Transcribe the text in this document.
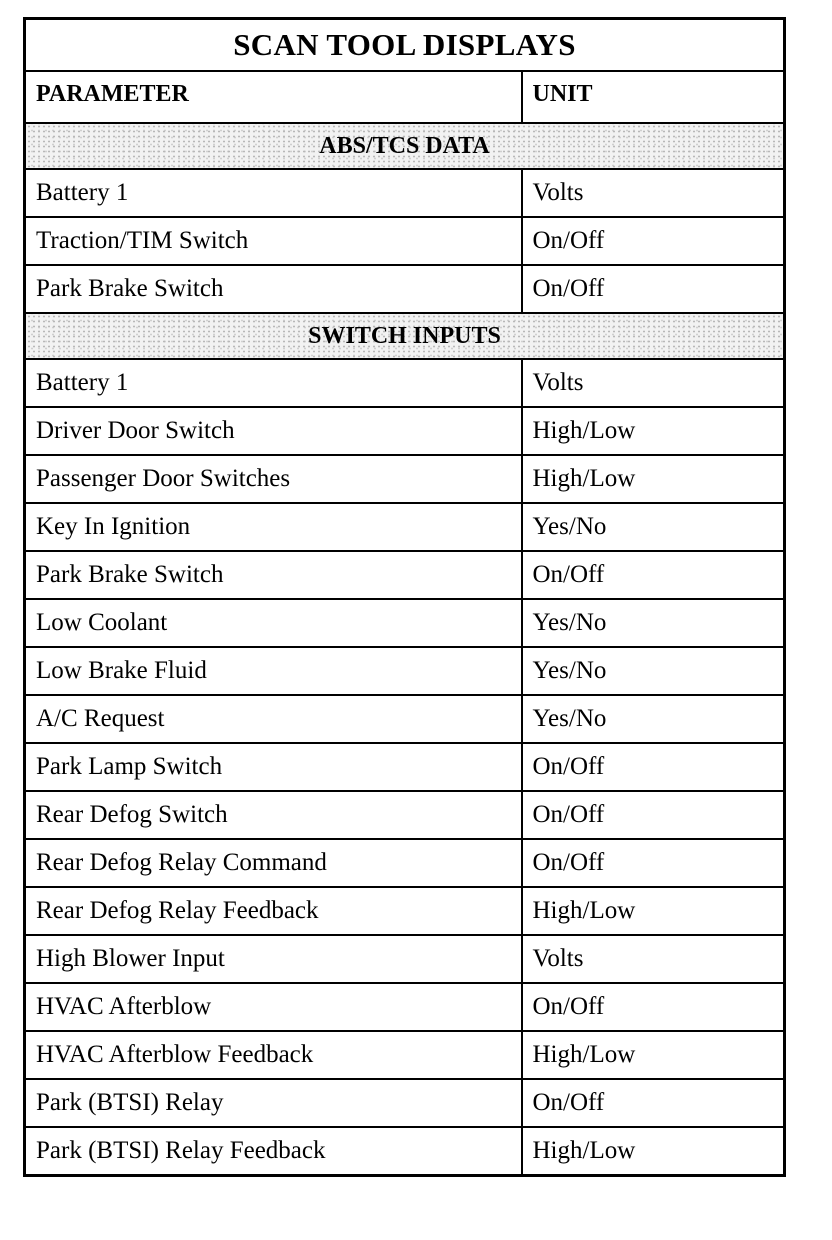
SCAN TOOL DISPLAYS	
PARAMETER	UNIT
ABS/TCS DATA	
Battery 1	Volts
Traction/TIM Switch	On/Off
Park Brake Switch	On/Off
SWITCH INPUTS	
Battery 1	Volts
Driver Door Switch	High/Low
Passenger Door Switches	High/Low
Key In Ignition	Yes/No
Park Brake Switch	On/Off
Low Coolant	Yes/No
Low Brake Fluid	Yes/No
A/C Request	Yes/No
Park Lamp Switch	On/Off
Rear Defog Switch	On/Off
Rear Defog Relay Command	On/Off
Rear Defog Relay Feedback	High/Low
High Blower Input	Volts
HVAC Afterblow	On/Off
HVAC Afterblow Feedback	High/Low
Park (BTSI) Relay	On/Off
Park (BTSI) Relay Feedback	High/Low
